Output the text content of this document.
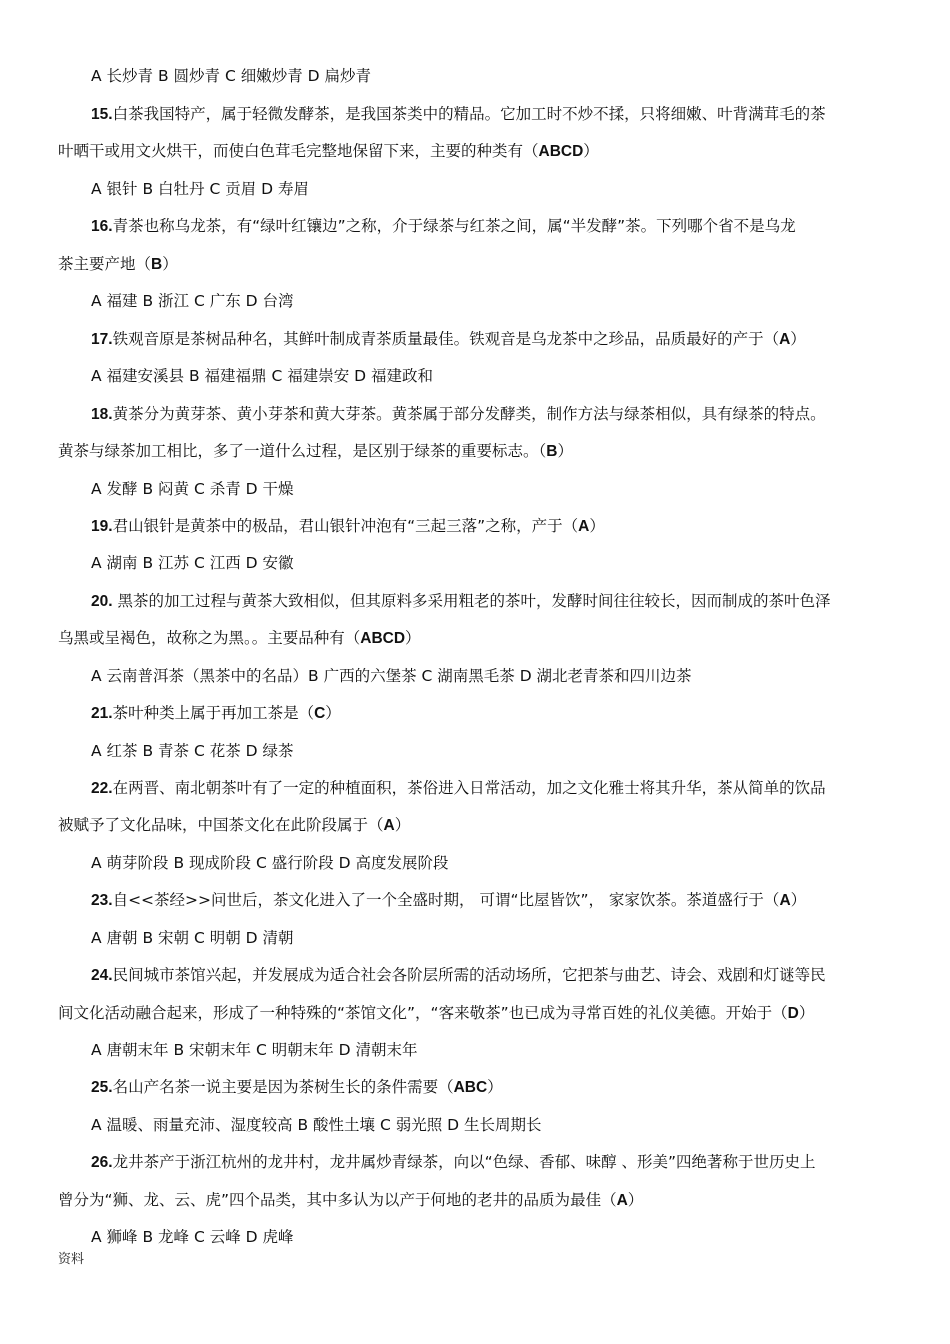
A 长炒青 B 圆炒青 C 细嫩炒青 D 扁炒青
15.白茶我国特产，属于轻微发酵茶，是我国茶类中的精品。它加工时不炒不揉，只将细嫩、叶背满茸毛的茶
叶晒干或用文火烘干，而使白色茸毛完整地保留下来，主要的种类有（ABCD）
A 银针 B 白牡丹 C 贡眉 D 寿眉
16.青茶也称乌龙茶，有“绿叶红镶边”之称，介于绿茶与红茶之间，属“半发酵”茶。下列哪个省不是乌龙
茶主要产地（B）
A 福建 B 浙江 C 广东 D 台湾
17.铁观音原是茶树品种名，其鲜叶制成青茶质量最佳。铁观音是乌龙茶中之珍品，品质最好的产于（A）
A 福建安溪县 B 福建福鼎 C 福建崇安 D 福建政和
18.黄茶分为黄芽茶、黄小芽茶和黄大芽茶。黄茶属于部分发酵类，制作方法与绿茶相似，具有绿茶的特点。
黄茶与绿茶加工相比，多了一道什么过程，是区别于绿茶的重要标志。（B）
A 发酵 B 闷黄 C 杀青 D 干燥
19.君山银针是黄茶中的极品，君山银针冲泡有“三起三落”之称，产于（A）
A 湖南 B 江苏 C 江西 D 安徽
20. 黑茶的加工过程与黄茶大致相似，但其原料多采用粗老的茶叶，发酵时间往往较长，因而制成的茶叶色泽
乌黑或呈褐色，故称之为黑。。主要品种有（ABCD）
A 云南普洱茶（黑茶中的名品）B 广西的六堡茶 C 湖南黑毛茶 D 湖北老青茶和四川边茶
21.茶叶种类上属于再加工茶是（C）
A 红茶 B 青茶 C 花茶 D 绿茶
22.在两晋、南北朝茶叶有了一定的种植面积，茶俗进入日常活动，加之文化雅士将其升华，茶从简单的饮品
被赋予了文化品味，中国茶文化在此阶段属于（A）
A 萌芽阶段 B 现成阶段 C 盛行阶段 D 高度发展阶段
23.自<<茶经>>问世后，茶文化进入了一个全盛时期， 可谓“比屋皆饮”， 家家饮茶。茶道盛行于（A）
A 唐朝 B 宋朝 C 明朝 D 清朝
24.民间城市茶馆兴起，并发展成为适合社会各阶层所需的活动场所，它把茶与曲艺、诗会、戏剧和灯谜等民
间文化活动融合起来，形成了一种特殊的“茶馆文化”，“客来敬茶”也已成为寻常百姓的礼仪美德。开始于（D）
A 唐朝末年 B 宋朝末年 C 明朝末年 D 清朝末年
25.名山产名茶一说主要是因为茶树生长的条件需要（ABC）
A 温暖、雨量充沛、湿度较高 B 酸性土壤 C 弱光照 D 生长周期长
26.龙井茶产于浙江杭州的龙井村，龙井属炒青绿茶，向以“色绿、香郁、味醇 、形美”四绝著称于世历史上
曾分为“狮、龙、云、虎”四个品类，其中多认为以产于何地的老井的品质为最佳（A）
A 狮峰 B 龙峰 C 云峰 D 虎峰
资料
